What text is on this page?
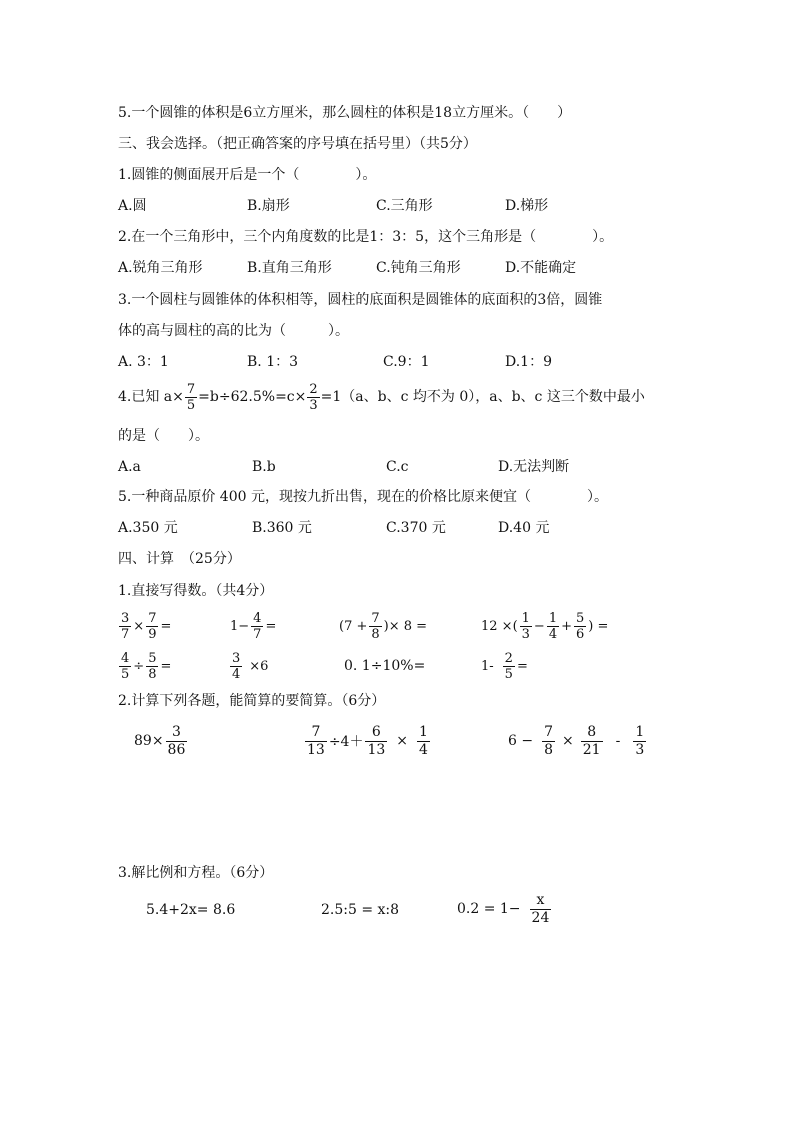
5.一个圆锥的体积是6立方厘米，那么圆柱的体积是18立方厘米。（　　）
三、我会选择。（把正确答案的序号填在括号里）（共5分）
1.圆锥的侧面展开后是一个（　　　　）。
A.圆	B.扇形	C.三角形	D.梯形
2.在一个三角形中，三个内角度数的比是1：3：5，这个三角形是（　　　　）。
A.锐角三角形	B.直角三角形	C.钝角三角形	D.不能确定
3.一个圆柱与圆锥体的体积相等，圆柱的底面积是圆锥体的底面积的3倍，圆锥
体的高与圆柱的高的比为（　　　）。
A. 3：1	B. 1：3	C.9：1	D.1：9
4.已知 $a\times \frac{7}{5} =b\div 62.5\%=c\times \frac{2}{3} =1(a$、b、c 均不为 0），a、b、c 这三个数中最小
的是（　　）。
A.a	B.b	C.c	D.无法判断
5.一种商品原价 400 元，现按九折出售，现在的价格比原来便宜（　　　　）。
A.350 元	B.360 元	C.370 元	D.40 元
四、计算　（25分）
1.直接写得数。（共4分）
$\frac{3}{7} \times \frac{7}{9}$ =	$1- \frac{4}{7}$ =	($7 + \frac{7}{8}$ )× 8 =	12 ×( $\frac{1}{3} - \frac{1}{4} + \frac{5}{6}$ ) =
$\frac{4}{5} \div \frac{5}{8}$ =	$\frac{3}{4} \times 6$	0. 1÷10%=	$1- \frac{2}{5}$ =
2.计算下列各题，能简算的要简算。（6分）
$89\times \frac{3}{86}$	$\frac{7}{13} \div 4+ \frac{6}{13} \times \frac{1}{4}$	$6 - \frac{7}{8} \times \frac{8}{21} - \frac{1}{3}$
3.解比例和方程。（6分）
5.4+2x= 8.6	2.5:5 = x:8	$0.2 = 1- \frac{x}{24}$
